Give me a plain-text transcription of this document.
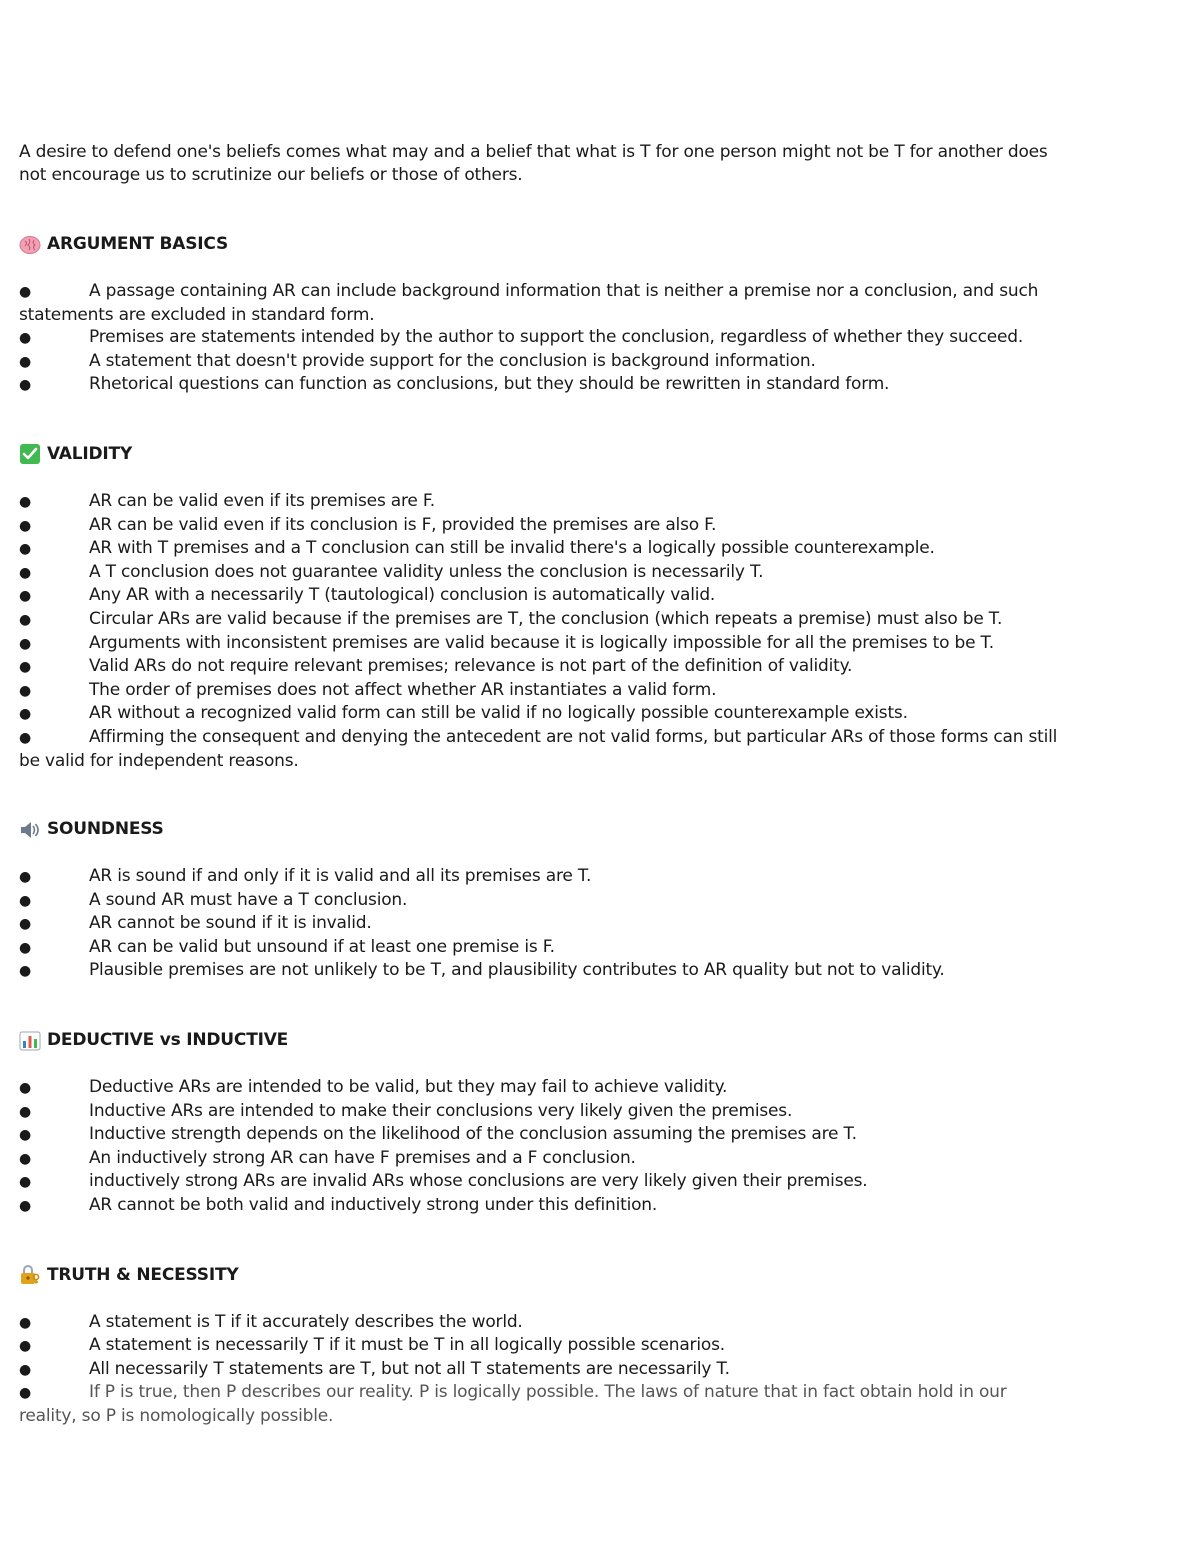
A desire to defend one's beliefs comes what may and a belief that what is T for one person might not be T for another does not encourage us to scrutinize our beliefs or those of others.

ARGUMENT BASICS
●	A passage containing AR can include background information that is neither a premise nor a conclusion, and such statements are excluded in standard form.
●	Premises are statements intended by the author to support the conclusion, regardless of whether they succeed.
●	A statement that doesn't provide support for the conclusion is background information.
●	Rhetorical questions can function as conclusions, but they should be rewritten in standard form.
VALIDITY
●	AR can be valid even if its premises are F.
●	AR can be valid even if its conclusion is F, provided the premises are also F.
●	AR with T premises and a T conclusion can still be invalid there's a logically possible counterexample.
●	A T conclusion does not guarantee validity unless the conclusion is necessarily T.
●	Any AR with a necessarily T (tautological) conclusion is automatically valid.
●	Circular ARs are valid because if the premises are T, the conclusion (which repeats a premise) must also be T.
●	Arguments with inconsistent premises are valid because it is logically impossible for all the premises to be T.
●	Valid ARs do not require relevant premises; relevance is not part of the definition of validity.
●	The order of premises does not affect whether AR instantiates a valid form.
●	AR without a recognized valid form can still be valid if no logically possible counterexample exists.
●	Affirming the consequent and denying the antecedent are not valid forms, but particular ARs of those forms can still be valid for independent reasons.
SOUNDNESS
●	AR is sound if and only if it is valid and all its premises are T.
●	A sound AR must have a T conclusion.
●	AR cannot be sound if it is invalid.
●	AR can be valid but unsound if at least one premise is F.
●	Plausible premises are not unlikely to be T, and plausibility contributes to AR quality but not to validity.
DEDUCTIVE vs INDUCTIVE
●	Deductive ARs are intended to be valid, but they may fail to achieve validity.
●	Inductive ARs are intended to make their conclusions very likely given the premises.
●	Inductive strength depends on the likelihood of the conclusion assuming the premises are T.
●	An inductively strong AR can have F premises and a F conclusion.
●	inductively strong ARs are invalid ARs whose conclusions are very likely given their premises.
●	AR cannot be both valid and inductively strong under this definition.
TRUTH & NECESSITY
●	A statement is T if it accurately describes the world.
●	A statement is necessarily T if it must be T in all logically possible scenarios.
●	All necessarily T statements are T, but not all T statements are necessarily T.
●	If P is true, then P describes our reality. P is logically possible. The laws of nature that in fact obtain hold in our reality, so P is nomologically possible.
